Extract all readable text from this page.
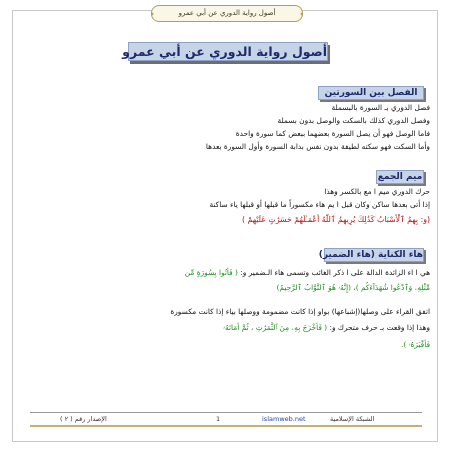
أصول رواية الدوري عن أبي عمرو
أصول رواية الدوري عن أبي عمرو
الفصل بين السورتين
فصل الدوري بـ السورة بالبسملة
وفصل الدوري كذلك بالسكت والوصل بدون بسملة
فاما الوصل فهو أن يصل السورة بعضهما ببعض كما سورة واحدة
وأما السكت فهو سكته لطيفة بدون نفس بدابة السورة وأول السورة بعدها
ميم الجمع
حرك الدوري ميم ا مع بالكسر وهذا
إذا أتى بعدها ساكن وكان قبل ا يم هاء مكسوراً ما قبلها أو قبلها ياء ساكنة
(و: بِهِمُ ٱلْأَسْبَابُ كَذَٰلِكَ يُرِيهِمُ ٱللَّهُ أَعْمَـٰلَهُمْ حَسَرَٰتٍ عَلَيْهِمْ )
هاء الكناية (هاء الضمير)
هي ا اء الزائدة الدالة على ا ذكر الغائب وتسمى هاء الـضمير و: ( فَأْتُوا بِسُورَةٍ مِّن
مِّثْلِهِۦ وَٱدْعُوا شُهَدَآءَكُم )، (إِنَّهُۥ هُوَ ٱلتَّوَّابُ ٱلرَّحِيمُ)
اتفق القراء على وصلها(إشباعها) بواو إذا كانت مضمومة ووصلها بياء إذا كانت مكسورة
وهذا إذا وقعت بـ حرف متحرك و: ( فَأَخْرَجَ بِهِۦ مِنَ ٱلثَّمَرَٰتِ ، ثُمَّ أَمَاتَهُۥ
فَأَقْبَرَهُۥ ).
الإصدار رقم ( ٢ )	1	islamweb.net	الشبكة الإسلامية
